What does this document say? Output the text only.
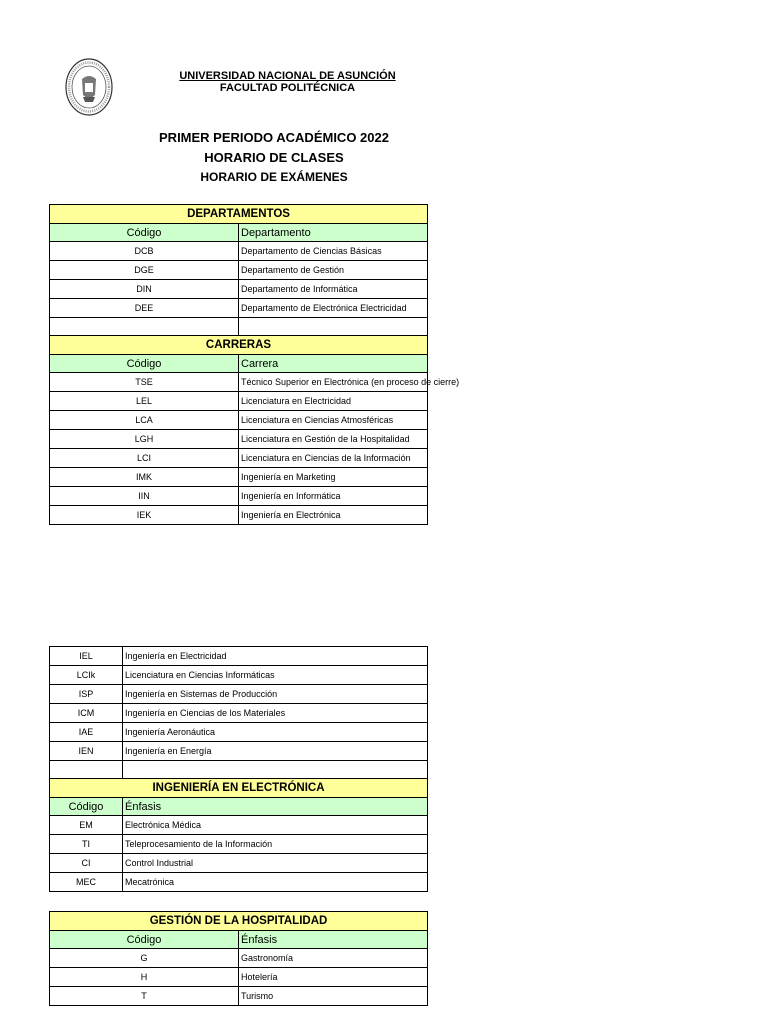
UNIVERSIDAD NACIONAL DE ASUNCIÓN
FACULTAD POLITÉCNICA
PRIMER PERIODO ACADÉMICO 2022
HORARIO DE CLASES
HORARIO DE EXÁMENES
DEPARTAMENTOS	
Código	Departamento
DCB	Departamento de Ciencias Básicas
DGE	Departamento de Gestión
DIN	Departamento de Informática
DEE	Departamento de Electrónica Electricidad

CARRERAS	
Código	Carrera
TSE	Técnico Superior en Electrónica (en proceso de cierre)
LEL	Licenciatura en Electricidad
LCA	Licenciatura en Ciencias Atmosféricas
LGH	Licenciatura en Gestión de la Hospitalidad
LCI	Licenciatura en Ciencias de la Información
IMK	Ingeniería en Marketing
IIN	Ingeniería en Informática
IEK	Ingeniería en Electrónica
IEL	Ingeniería en Electricidad
LCIk	Licenciatura en Ciencias Informáticas
ISP	Ingeniería en Sistemas de Producción
ICM	Ingeniería en Ciencias de los Materiales
IAE	Ingeniería Aeronáutica
IEN	Ingeniería en Energía

INGENIERÍA EN ELECTRÓNICA	
Código	Énfasis
EM	Electrónica Médica
TI	Teleprocesamiento de la Información
CI	Control Industrial
MEC	Mecatrónica
GESTIÓN DE LA HOSPITALIDAD	
Código	Énfasis
G	Gastronomía
H	Hotelería
T	Turismo
